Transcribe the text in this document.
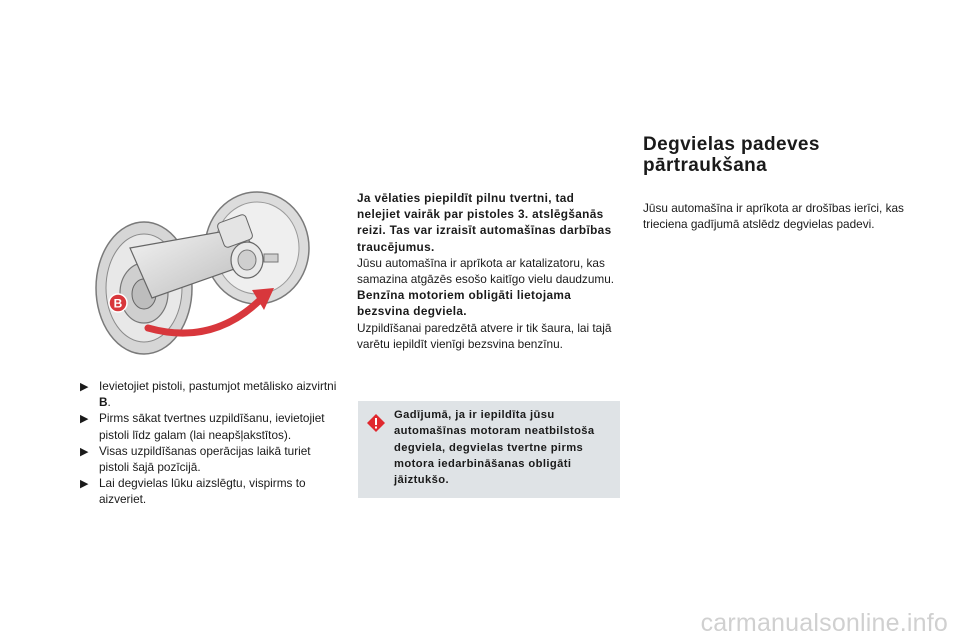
B
▶ Ievietojiet pistoli, pastumjot metālisko aizvirtni B.
▶ Pirms sākat tvertnes uzpildīšanu, ievietojiet pistoli līdz galam (lai neapšļakstītos).
▶ Visas uzpildīšanas operācijas laikā turiet pistoli šajā pozīcijā.
▶ Lai degvielas lūku aizslēgtu, vispirms to aizveriet.

Ja vēlaties piepildīt pilnu tvertni, tad nelejiet vairāk par pistoles 3. atslēgšanās reizi. Tas var izraisīt automašīnas darbības traucējumus.

Jūsu automašīna ir aprīkota ar katalizatoru, kas samazina atgāzēs esošo kaitīgo vielu daudzumu.

Benzīna motoriem obligāti lietojama bezsvina degviela.

Uzpildīšanai paredzētā atvere ir tik šaura, lai tajā varētu iepildīt vienīgi bezsvina benzīnu.

Gadījumā, ja ir iepildīta jūsu automašīnas motoram neatbilstoša degviela, degvielas tvertne pirms motora iedarbināšanas obligāti jāiztukšo.
Degvielas padeves pārtraukšana

Jūsu automašīna ir aprīkota ar drošības ierīci, kas trieciena gadījumā atslēdz degvielas padevi.

carmanualsonline.info
